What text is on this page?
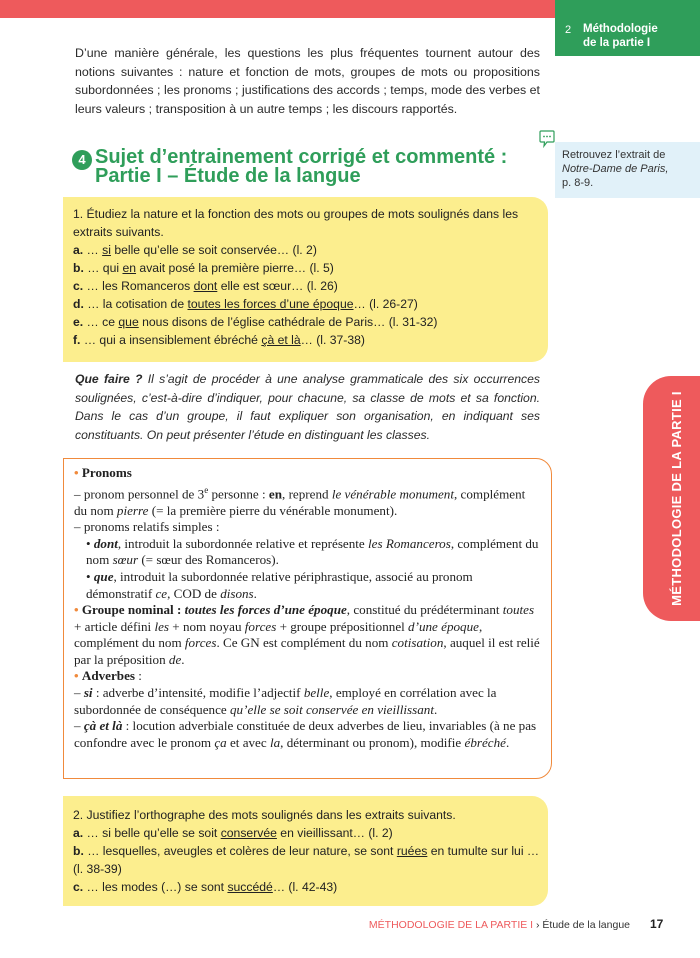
2 Méthodologie
de la partie I

D’une manière générale, les questions les plus fréquentes tournent autour des notions suivantes : nature et fonction de mots, groupes de mots ou propositions subordonnées ; les pronoms ; justifications des accords ; temps, mode des verbes et leurs valeurs ; transposition à un autre temps ; les discours rapportés.

Retrouvez l’extrait de
Notre-Dame de Paris,
p. 8-9.
4 Sujet d’entrainement corrigé et commenté :
Partie I – Étude de la langue
1. Étudiez la nature et la fonction des mots ou groupes de mots soulignés dans les extraits suivants.
a. … si belle qu’elle se soit conservée… (l. 2)
b. … qui en avait posé la première pierre… (l. 5)
c. … les Romanceros dont elle est sœur… (l. 26)
d. … la cotisation de toutes les forces d’une époque… (l. 26-27)
e. … ce que nous disons de l’église cathédrale de Paris… (l. 31-32)
f. … qui a insensiblement ébréché çà et là… (l. 37-38)

Que faire ? Il s’agit de procéder à une analyse grammaticale des six occurrences soulignées, c’est-à-dire d’indiquer, pour chacune, sa classe de mots et sa fonction. Dans le cas d’un groupe, il faut expliquer son organisation, en indiquant ses constituants. On peut présenter l’étude en distinguant les classes.

• Pronoms

– pronom personnel de 3e personne : en, reprend le vénérable monument, complément du nom pierre (= la première pierre du vénérable monument).

– pronoms relatifs simples :

• dont, introduit la subordonnée relative et représente les Romanceros, complément du nom sœur (= sœur des Romanceros).

• que, introduit la subordonnée relative périphrastique, associé au pronom démonstratif ce, COD de disons.

• Groupe nominal : toutes les forces d’une époque, constitué du prédéterminant toutes + article défini les + nom noyau forces + groupe prépositionnel d’une époque, complément du nom forces. Ce GN est complément du nom cotisation, auquel il est relié par la préposition de.

• Adverbes :

– si : adverbe d’intensité, modifie l’adjectif belle, employé en corrélation avec la subordonnée de conséquence qu’elle se soit conservée en vieillissant.

– çà et là : locution adverbiale constituée de deux adverbes de lieu, invariables (à ne pas confondre avec le pronom ça et avec la, déterminant ou pronom), modifie ébréché.

2. Justifiez l’orthographe des mots soulignés dans les extraits suivants.
a. … si belle qu’elle se soit conservée en vieillissant… (l. 2)
b. … lesquelles, aveugles et colères de leur nature, se sont ruées en tumulte sur lui … (l. 38-39)
c. … les modes (…) se sont succédé… (l. 42-43)
MÉTHODOLOGIE DE LA PARTIE I
MÉTHODOLOGIE DE LA PARTIE I › Étude de la langue 17
